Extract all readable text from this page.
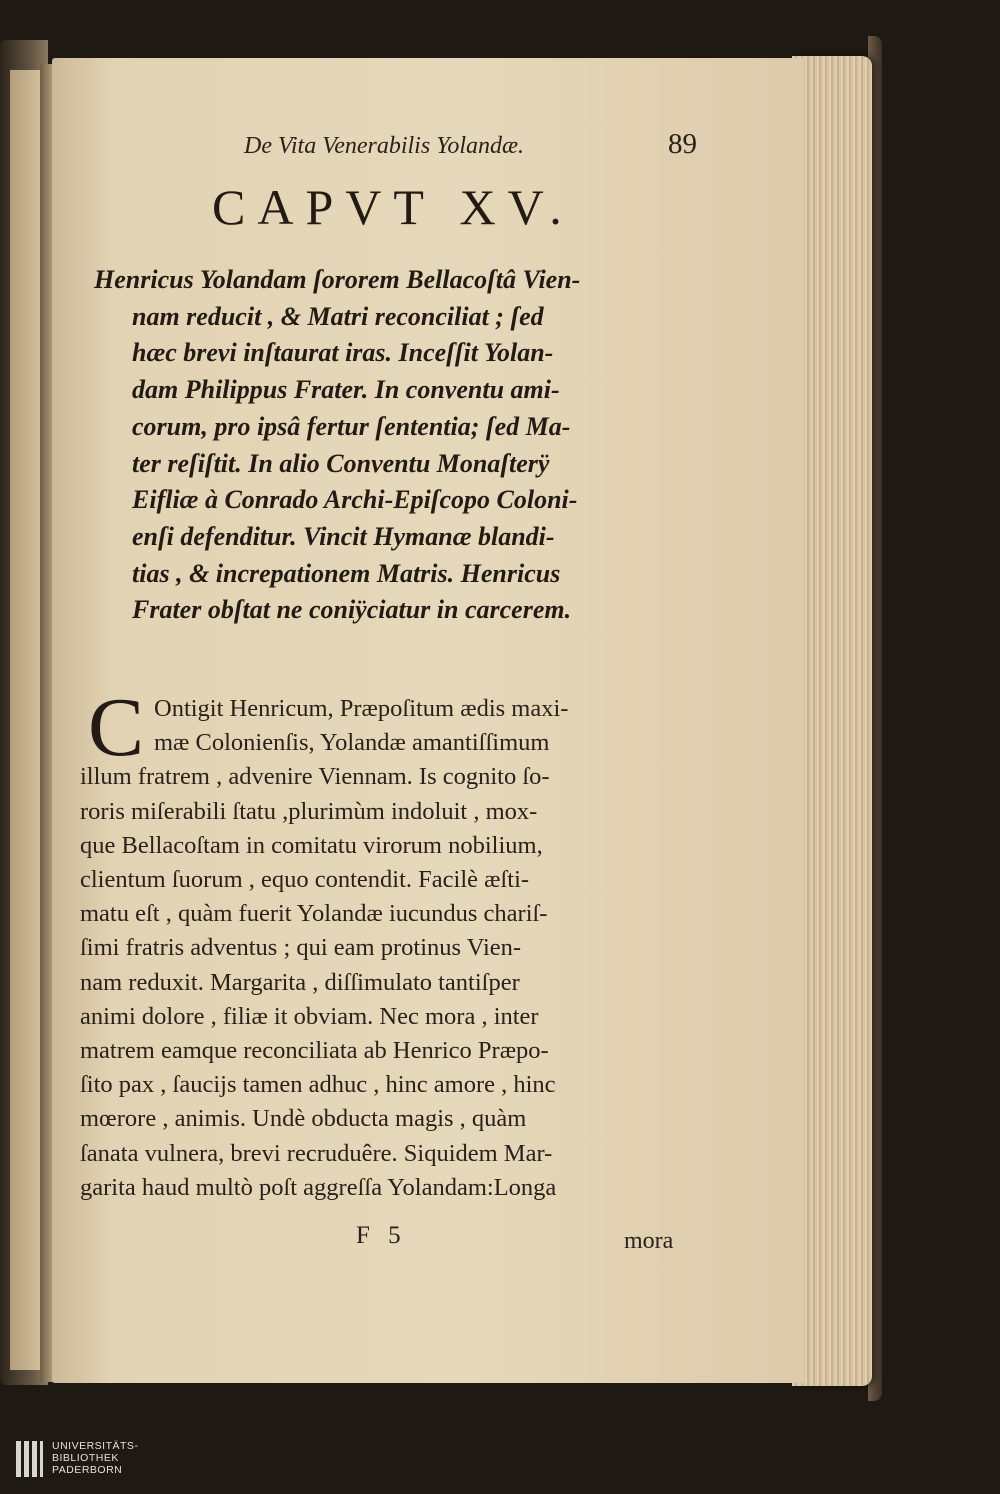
De Vita Venerabilis Yolandæ.	89
CAPVT XV.
Henricus Yolandam ſororem Bellacoſtâ Vien-
nam reducit , & Matri reconciliat ; ſed
hæc brevi inſtaurat iras. Inceſſit Yolan-
dam Philippus Frater. In conventu ami-
corum, pro ipsâ fertur ſententia; ſed Ma-
ter reſiſtit. In alio Conventu Monaſterÿ
Eifliæ à Conrado Archi-Epiſcopo Coloni-
enſi defenditur. Vincit Hymanæ blandi-
tias , & increpationem Matris. Henricus
Frater obſtat ne coniÿciatur in carcerem.
C Ontigit Henricum, Præpoſitum ædis maxi-
mæ Colonienſis, Yolandæ amantiſſimum
illum fratrem , advenire Viennam. Is cognito ſo-
roris miſerabili ſtatu ,plurimùm indoluit , mox-
que Bellacoſtam in comitatu virorum nobilium,
clientum ſuorum , equo contendit. Facilè æſti-
matu eſt , quàm fuerit Yolandæ iucundus chariſ-
ſimi fratris adventus ; qui eam protinus Vien-
nam reduxit. Margarita , diſſimulato tantiſper
animi dolore , filiæ it obviam. Nec mora , inter
matrem eamque reconciliata ab Henrico Præpo-
ſito pax , ſaucijs tamen adhuc , hinc amore , hinc
mœrore , animis. Undè obducta magis , quàm
ſanata vulnera, brevi recruduêre. Siquidem Mar-
garita haud multò poſt aggreſſa Yolandam:Longa
F 5	mora
UNIVERSITÄTS-
BIBLIOTHEK
PADERBORN
